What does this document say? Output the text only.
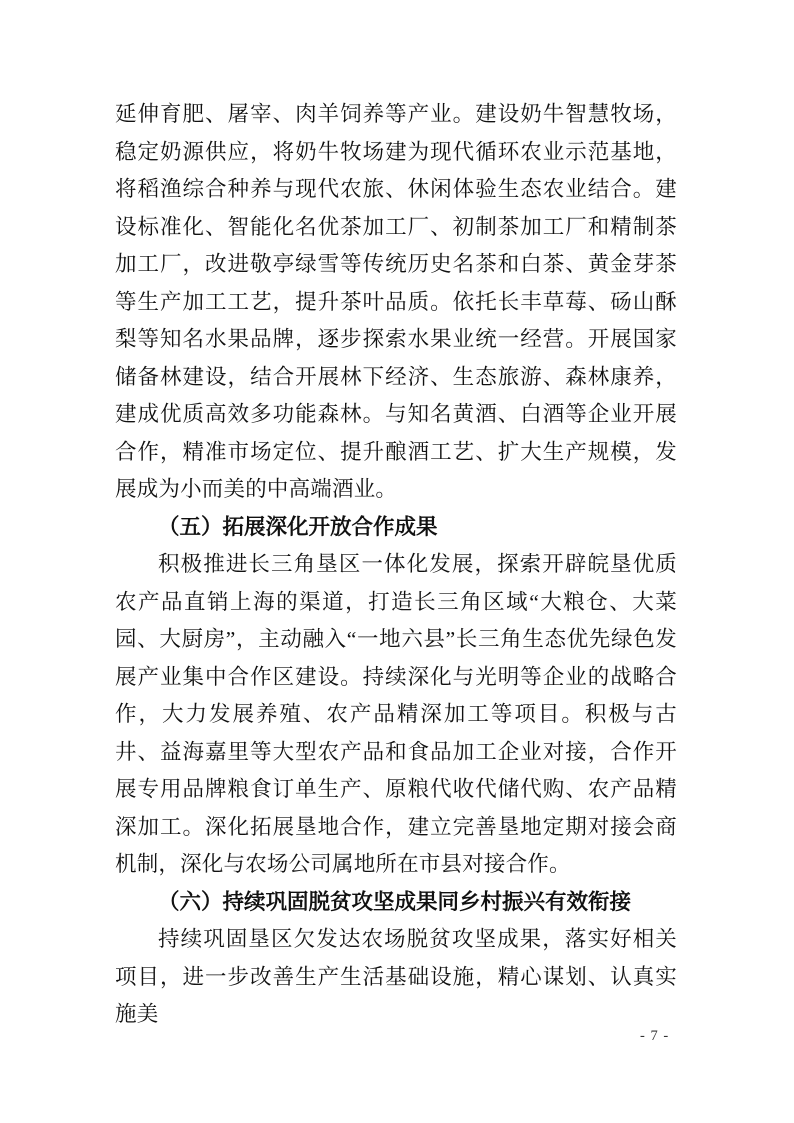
延伸育肥、屠宰、肉羊饲养等产业。建设奶牛智慧牧场，稳定奶源供应，将奶牛牧场建为现代循环农业示范基地，将稻渔综合种养与现代农旅、休闲体验生态农业结合。建设标准化、智能化名优茶加工厂、初制茶加工厂和精制茶加工厂，改进敬亭绿雪等传统历史名茶和白茶、黄金芽茶等生产加工工艺，提升茶叶品质。依托长丰草莓、砀山酥梨等知名水果品牌，逐步探索水果业统一经营。开展国家储备林建设，结合开展林下经济、生态旅游、森林康养，建成优质高效多功能森林。与知名黄酒、白酒等企业开展合作，精准市场定位、提升酿酒工艺、扩大生产规模，发展成为小而美的中高端酒业。

（五）拓展深化开放合作成果

积极推进长三角垦区一体化发展，探索开辟皖垦优质农产品直销上海的渠道，打造长三角区域“大粮仓、大菜园、大厨房”，主动融入“一地六县”长三角生态优先绿色发展产业集中合作区建设。持续深化与光明等企业的战略合作，大力发展养殖、农产品精深加工等项目。积极与古井、益海嘉里等大型农产品和食品加工企业对接，合作开展专用品牌粮食订单生产、原粮代收代储代购、农产品精深加工。深化拓展垦地合作，建立完善垦地定期对接会商机制，深化与农场公司属地所在市县对接合作。

（六）持续巩固脱贫攻坚成果同乡村振兴有效衔接

持续巩固垦区欠发达农场脱贫攻坚成果，落实好相关项目，进一步改善生产生活基础设施，精心谋划、认真实施美

- 7 -
